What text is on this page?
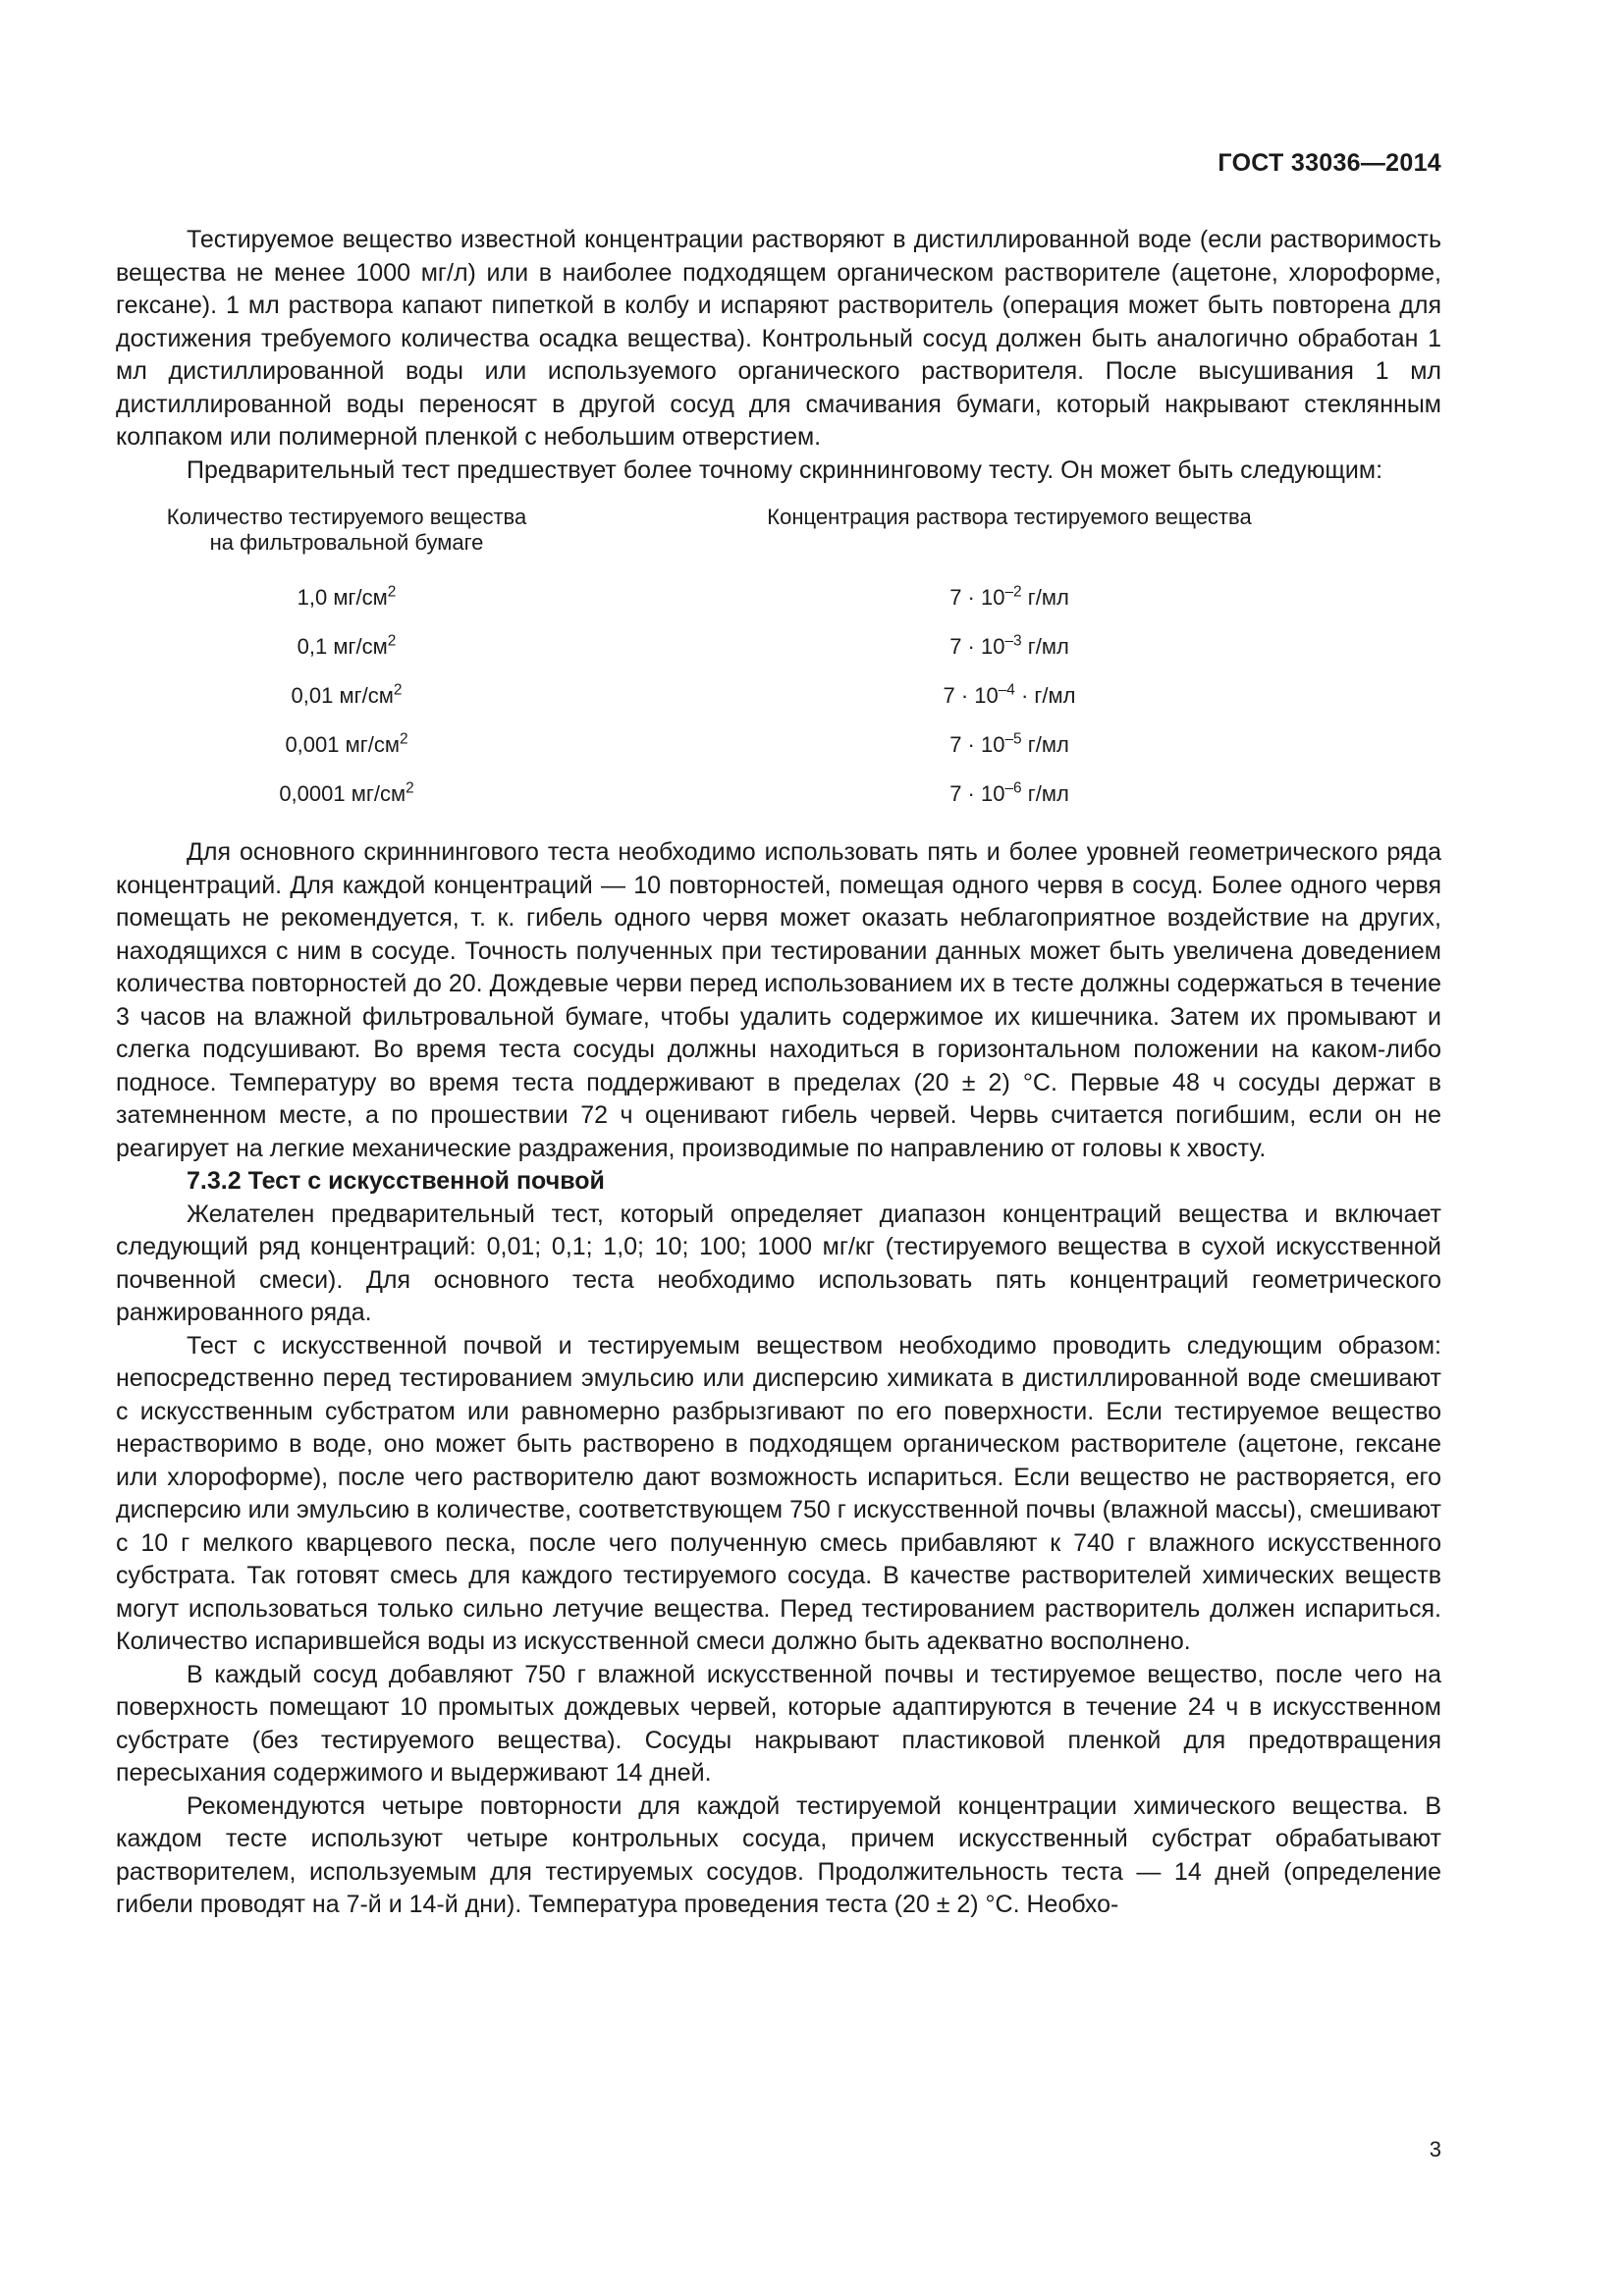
ГОСТ 33036—2014

Тестируемое вещество известной концентрации растворяют в дистиллированной воде (если растворимость вещества не менее 1000 мг/л) или в наиболее подходящем органическом растворителе (ацетоне, хлороформе, гексане). 1 мл раствора капают пипеткой в колбу и испаряют растворитель (операция может быть повторена для достижения требуемого количества осадка вещества). Контрольный сосуд должен быть аналогично обработан 1 мл дистиллированной воды или используемого органического растворителя. После высушивания 1 мл дистиллированной воды переносят в другой сосуд для смачивания бумаги, который накрывают стеклянным колпаком или полимерной пленкой с небольшим отверстием.

Предварительный тест предшествует более точному скриннинговому тесту. Он может быть следующим:

Количество тестируемого вещества
на фильтровальной бумаге	Концентрация раствора тестируемого вещества
1,0 $мг/см^2$	$7 \cdot 10^{-2}$ г/мл
0,1 $мг/см^2$	$7 \cdot 10^{-3}$ г/мл
0,01 $мг/см^2$	$7 \cdot 10^{-4} \cdot г/мл$
0,001 $мг/см^2$	$7 \cdot 10^{-5}$ г/мл
0,0001 $мг/см^2$	$7 \cdot 10^{-6}$ г/мл

Для основного скриннингового теста необходимо использовать пять и более уровней геометрического ряда концентраций. Для каждой концентраций — 10 повторностей, помещая одного червя в сосуд. Более одного червя помещать не рекомендуется, т. к. гибель одного червя может оказать неблагоприятное воздействие на других, находящихся с ним в сосуде. Точность полученных при тестировании данных может быть увеличена доведением количества повторностей до 20. Дождевые черви перед использованием их в тесте должны содержаться в течение 3 часов на влажной фильтровальной бумаге, чтобы удалить содержимое их кишечника. Затем их промывают и слегка подсушивают. Во время теста сосуды должны находиться в горизонтальном положении на каком-либо подносе. Температуру во время теста поддерживают в пределах (20 ± 2) °С. Первые 48 ч сосуды держат в затемненном месте, а по прошествии 72 ч оценивают гибель червей. Червь считается погибшим, если он не реагирует на легкие механические раздражения, производимые по направлению от головы к хвосту.

7.3.2 Тест с искусственной почвой

Желателен предварительный тест, который определяет диапазон концентраций вещества и включает следующий ряд концентраций: 0,01; 0,1; 1,0; 10; 100; 1000 мг/кг (тестируемого вещества в сухой искусственной почвенной смеси). Для основного теста необходимо использовать пять концентраций геометрического ранжированного ряда.

Тест с искусственной почвой и тестируемым веществом необходимо проводить следующим образом: непосредственно перед тестированием эмульсию или дисперсию химиката в дистиллированной воде смешивают с искусственным субстратом или равномерно разбрызгивают по его поверхности. Если тестируемое вещество нерастворимо в воде, оно может быть растворено в подходящем органическом растворителе (ацетоне, гексане или хлороформе), после чего растворителю дают возможность испариться. Если вещество не растворяется, его дисперсию или эмульсию в количестве, соответствующем 750 г искусственной почвы (влажной массы), смешивают с 10 г мелкого кварцевого песка, после чего полученную смесь прибавляют к 740 г влажного искусственного субстрата. Так готовят смесь для каждого тестируемого сосуда. В качестве растворителей химических веществ могут использоваться только сильно летучие вещества. Перед тестированием растворитель должен испариться. Количество испарившейся воды из искусственной смеси должно быть адекватно восполнено.

В каждый сосуд добавляют 750 г влажной искусственной почвы и тестируемое вещество, после чего на поверхность помещают 10 промытых дождевых червей, которые адаптируются в течение 24 ч в искусственном субстрате (без тестируемого вещества). Сосуды накрывают пластиковой пленкой для предотвращения пересыхания содержимого и выдерживают 14 дней.

Рекомендуются четыре повторности для каждой тестируемой концентрации химического вещества. В каждом тесте используют четыре контрольных сосуда, причем искусственный субстрат обрабатывают растворителем, используемым для тестируемых сосудов. Продолжительность теста — 14 дней (определение гибели проводят на 7-й и 14-й дни). Температура проведения теста (20 ± 2) °С. Необхо-

3
